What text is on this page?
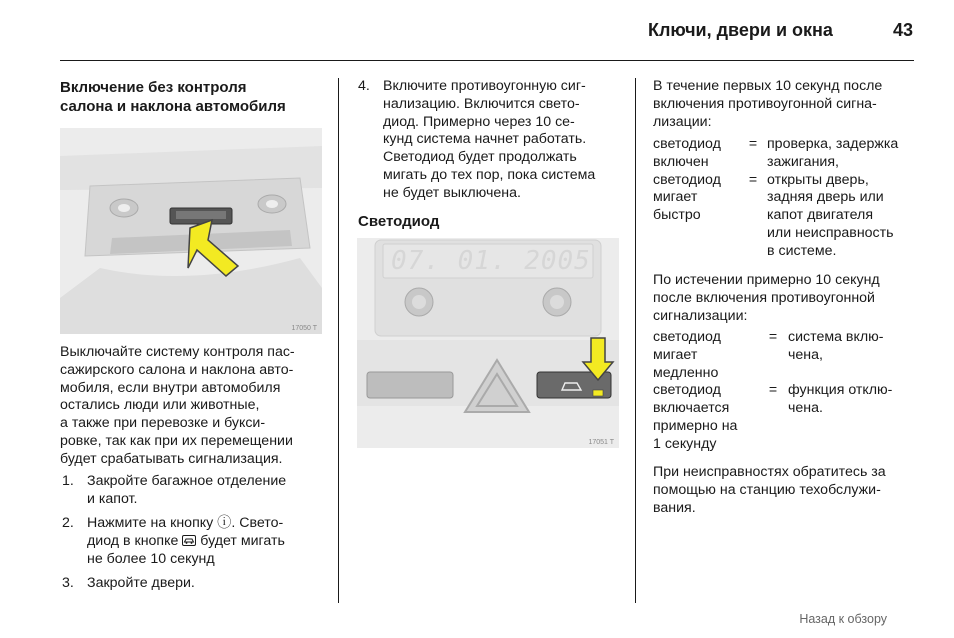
Ключи, двери и окна	43
Включение без контроля
салона и наклона автомобиля
17050 T
Выключайте систему контроля пас-
сажирского салона и наклона авто-
мобиля, если внутри автомобиля
остались люди или животные,
а также при перевозке и букси-
ровке, так как при их перемещении
будет срабатывать сигнализация.
1. Закройте багажное отделение
и капот.
2. Нажмите на кнопку ⓘ. Свето-
диод в кнопке будет мигать
не более 10 секунд
3. Закройте двери.
4. Включите противоугонную сиг-
нализацию. Включится свето-
диод. Примерно через 10 се-
кунд система начнет работать.
Светодиод будет продолжать
мигать до тех пор, пока система
не будет выключена.
Светодиод
07. 01. 2005
17051 T
В течение первых 10 секунд после
включения противоугонной сигна-
лизации:
светодиод
включен
= проверка, задержка
зажигания,
светодиод
мигает
быстро
= открыты дверь,
задняя дверь или
капот двигателя
или неисправность
в системе.
По истечении примерно 10 секунд
после включения противоугонной
сигнализации:
светодиод
мигает
медленно
= система вклю-
чена,
светодиод
включается
примерно на
1 секунду
= функция отклю-
чена.
При неисправностях обратитесь за
помощью на станцию техобслужи-
вания.
Назад к обзору
